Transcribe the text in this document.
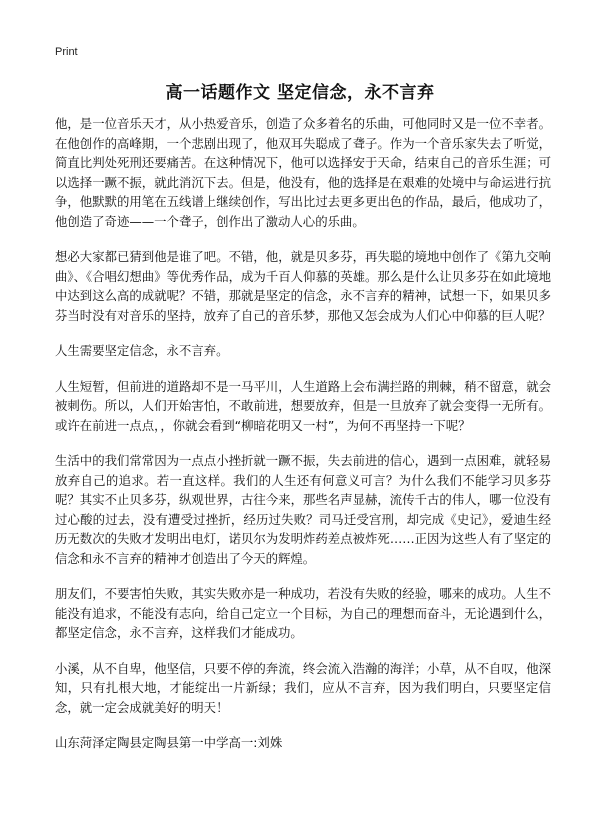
Print
高一话题作文 坚定信念，永不言弃

他，是一位音乐天才，从小热爱音乐，创造了众多着名的乐曲，可他同时又是一位不幸者。在他创作的高峰期，一个悲剧出现了，他双耳失聪成了聋子。作为一个音乐家失去了听觉，简直比判处死刑还要痛苦。在这种情况下，他可以选择安于天命，结束自己的音乐生涯；可以选择一蹶不振，就此消沉下去。但是，他没有，他的选择是在艰难的处境中与命运进行抗争，他默默的用笔在五线谱上继续创作，写出比过去更多更出色的作品，最后，他成功了，他创造了奇迹——一个聋子，创作出了激动人心的乐曲。

想必大家都已猜到他是谁了吧。不错，他，就是贝多芬，再失聪的境地中创作了《第九交响曲》、《合唱幻想曲》等优秀作品，成为千百人仰慕的英雄。那么是什么让贝多芬在如此境地中达到这么高的成就呢？不错，那就是坚定的信念，永不言弃的精神，试想一下，如果贝多芬当时没有对音乐的坚持，放弃了自己的音乐梦，那他又怎会成为人们心中仰慕的巨人呢？

人生需要坚定信念，永不言弃。

人生短暂，但前进的道路却不是一马平川，人生道路上会布满拦路的荆棘，稍不留意，就会被刺伤。所以，人们开始害怕，不敢前进，想要放弃，但是一旦放弃了就会变得一无所有。或许在前进一点点，，你就会看到“柳暗花明又一村”，为何不再坚持一下呢？

生活中的我们常常因为一点点小挫折就一蹶不振，失去前进的信心，遇到一点困难，就轻易放弃自己的追求。若一直这样。我们的人生还有何意义可言？为什么我们不能学习贝多芬呢？其实不止贝多芬，纵观世界，古往今来，那些名声显赫，流传千古的伟人，哪一位没有过心酸的过去，没有遭受过挫折，经历过失败？司马迁受宫刑，却完成《史记》，爱迪生经历无数次的失败才发明出电灯，诺贝尔为发明炸药差点被炸死……正因为这些人有了坚定的信念和永不言弃的精神才创造出了今天的辉煌。

朋友们，不要害怕失败，其实失败亦是一种成功，若没有失败的经验，哪来的成功。人生不能没有追求，不能没有志向，给自己定立一个目标，为自己的理想而奋斗，无论遇到什么，都坚定信念，永不言弃，这样我们才能成功。

小溪，从不自卑，他坚信，只要不停的奔流，终会流入浩瀚的海洋；小草，从不自叹，他深知，只有扎根大地，才能绽出一片新绿；我们，应从不言弃，因为我们明白，只要坚定信念，就一定会成就美好的明天！

山东菏泽定陶县定陶县第一中学高一:刘姝
